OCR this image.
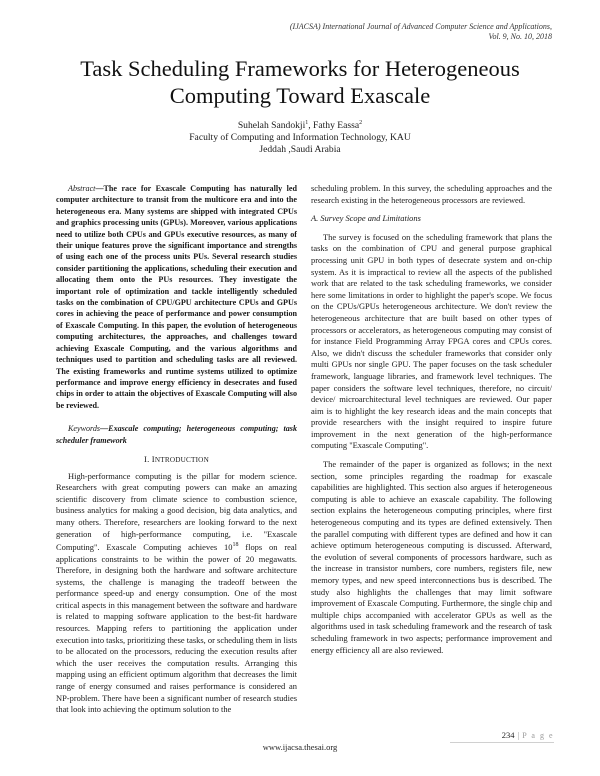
(IJACSA) International Journal of Advanced Computer Science and Applications,
Vol. 9, No. 10, 2018
Task Scheduling Frameworks for Heterogeneous
Computing Toward Exascale
Suhelah Sandokji$^1$, Fathy Eassa$^2$
Faculty of Computing and Information Technology, KAU
Jeddah ,Saudi Arabia

Abstract—The race for Exascale Computing has naturally led computer architecture to transit from the multicore era and into the heterogeneous era. Many systems are shipped with integrated CPUs and graphics processing units (GPUs). Moreover, various applications need to utilize both CPUs and GPUs executive resources, as many of their unique features prove the significant importance and strengths of using each one of the process units PUs. Several research studies consider partitioning the applications, scheduling their execution and allocating them onto the PUs resources. They investigate the important role of optimization and tackle intelligently scheduled tasks on the combination of CPU/GPU architecture CPUs and GPUs cores in achieving the peace of performance and power consumption of Exascale Computing. In this paper, the evolution of heterogeneous computing architectures, the approaches, and challenges toward achieving Exascale Computing, and the various algorithms and techniques used to partition and scheduling tasks are all reviewed. The existing frameworks and runtime systems utilized to optimize performance and improve energy efficiency in desecrates and fused chips in order to attain the objectives of Exascale Computing will also be reviewed.

Keywords—Exascale computing; heterogeneous computing; task scheduler framework

I. INTRODUCTION

High-performance computing is the pillar for modern science. Researchers with great computing powers can make an amazing scientific discovery from climate science to combustion science, business analytics for making a good decision, big data analytics, and many others. Therefore, researchers are looking forward to the next generation of high-performance computing, i.e. "Exascale Computing". Exascale Computing achieves $10^{18}$ flops on real applications constraints to be within the power of 20 megawatts. Therefore, in designing both the hardware and software architecture systems, the challenge is managing the tradeoff between the performance speed-up and energy consumption. One of the most critical aspects in this management between the software and hardware is related to mapping software application to the best-fit hardware resources. Mapping refers to partitioning the application under execution into tasks, prioritizing these tasks, or scheduling them in lists to be allocated on the processors, reducing the execution results after which the user receives the computation results. Arranging this mapping using an efficient optimum algorithm that decreases the limit range of energy consumed and raises performance is considered an NP-problem. There have been a significant number of research studies that look into achieving the optimum solution to the

scheduling problem. In this survey, the scheduling approaches and the research existing in the heterogeneous processors are reviewed.

A. Survey Scope and Limitations

The survey is focused on the scheduling framework that plans the tasks on the combination of CPU and general purpose graphical processing unit GPU in both types of desecrate system and on-chip system. As it is impractical to review all the aspects of the published work that are related to the task scheduling frameworks, we consider here some limitations in order to highlight the paper's scope. We focus on the CPUs/GPUs heterogeneous architecture. We don't review the heterogeneous architecture that are built based on other types of processors or accelerators, as heterogeneous computing may consist of for instance Field Programming Array FPGA cores and CPUs cores. Also, we didn't discuss the scheduler frameworks that consider only multi GPUs nor single GPU. The paper focuses on the task scheduler framework, language libraries, and framework level techniques. The paper considers the software level techniques, therefore, no circuit/ device/ microarchitectural level techniques are reviewed. Our paper aim is to highlight the key research ideas and the main concepts that provide researchers with the insight required to inspire future improvement in the next generation of the high-performance computing "Exascale Computing".

The remainder of the paper is organized as follows; in the next section, some principles regarding the roadmap for exascale capabilities are highlighted. This section also argues if heterogeneous computing is able to achieve an exascale capability. The following section explains the heterogeneous computing principles, where first heterogeneous computing and its types are defined extensively. Then the parallel computing with different types are defined and how it can achieve optimum heterogeneous computing is discussed. Afterward, the evolution of several components of processors hardware, such as the increase in transistor numbers, core numbers, registers file, new memory types, and new speed interconnections bus is described. The study also highlights the challenges that may limit software improvement of Exascale Computing. Furthermore, the single chip and multiple chips accompanied with accelerator GPUs as well as the algorithms used in task scheduling framework and the research of task scheduling framework in two aspects; performance improvement and energy efficiency all are also reviewed.

234 | P a g e
www.ijacsa.thesai.org
